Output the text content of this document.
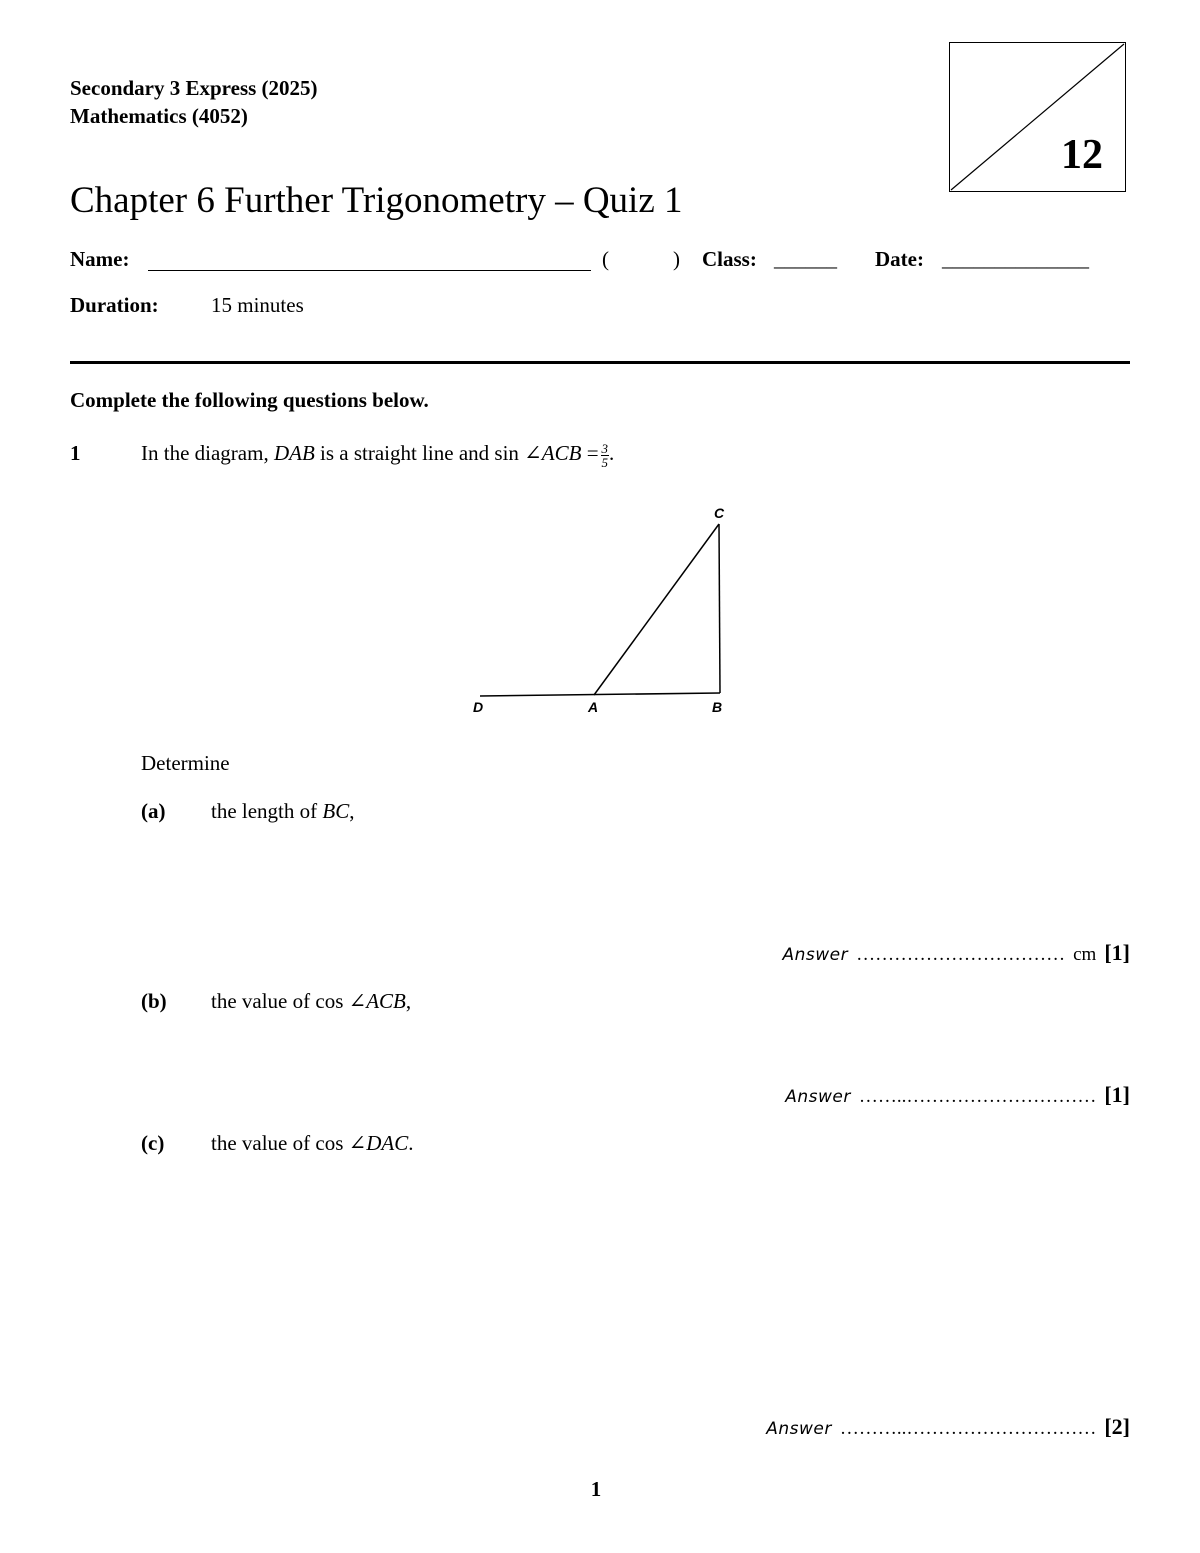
Secondary 3 Express (2025)
Mathematics (4052)
12
Chapter 6 Further Trigonometry – Quiz 1
Name:	(	) Class: ______ Date: ______________
Duration: 15 minutes
Complete the following questions below.
1	In the diagram, DAB is a straight line and sin ∠ACB = $\frac{3}{5}$ .
C
D	A	B
Determine
(a) the length of BC,
Answer …………………………… cm [1]
(b) the value of cos ∠ACB,
Answer ……..………………………… [1]
(c) the value of cos ∠DAC.
Answer ………..………………………… [2]
1
